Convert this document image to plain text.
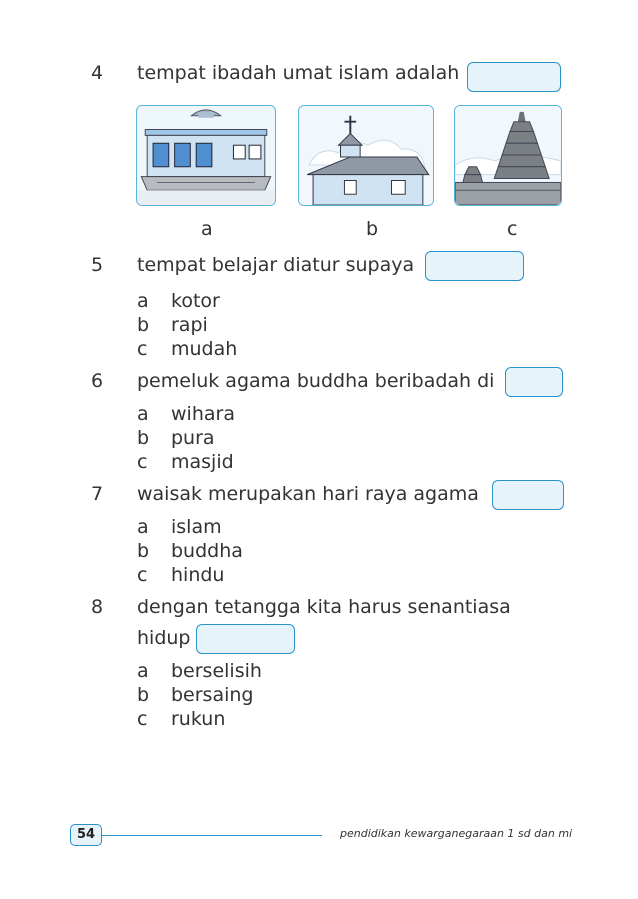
4 tempat ibadah umat islam adalah
a	b	c
5 tempat belajar diatur supaya
a kotor
b rapi
c mudah
6 pemeluk agama buddha beribadah di
a wihara
b pura
c masjid
7 waisak merupakan hari raya agama
a islam
b buddha
c hindu
8 dengan tetangga kita harus senantiasa
hidup
a berselisih
b bersaing
c rukun
54	pendidikan kewarganegaraan 1 sd dan mi
